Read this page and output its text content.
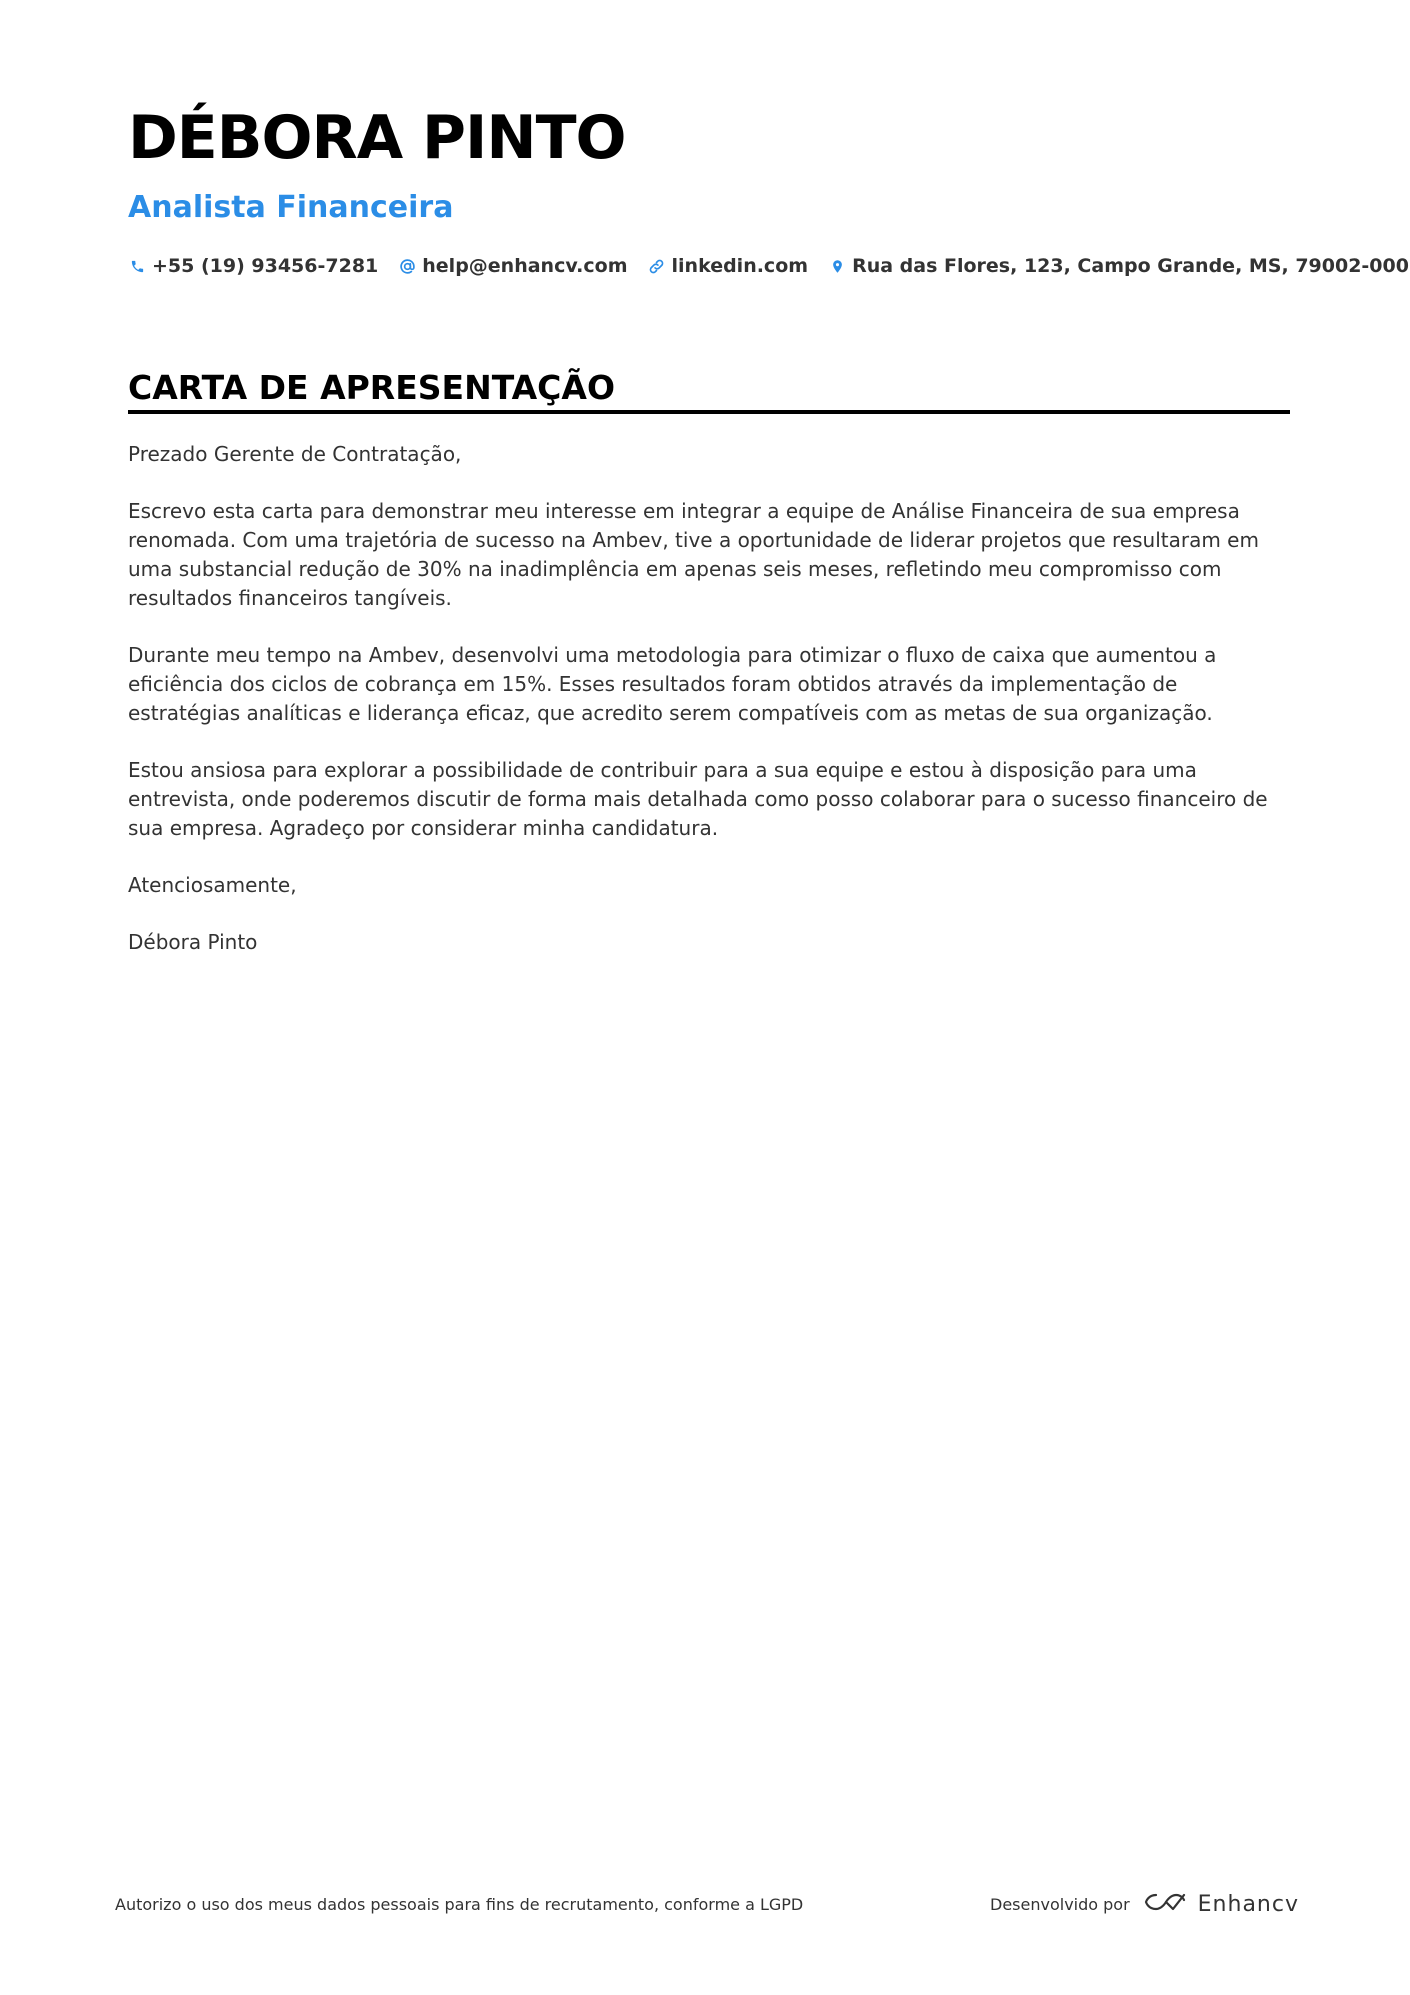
DÉBORA PINTO
Analista Financeira
+55 (19) 93456-7281 help@enhancv.com linkedin.com Rua das Flores, 123, Campo Grande, MS, 79002-000
CARTA DE APRESENTAÇÃO

Prezado Gerente de Contratação,

Escrevo esta carta para demonstrar meu interesse em integrar a equipe de Análise Financeira de sua empresa renomada. Com uma trajetória de sucesso na Ambev, tive a oportunidade de liderar projetos que resultaram em uma substancial redução de 30% na inadimplência em apenas seis meses, refletindo meu compromisso com resultados financeiros tangíveis.

Durante meu tempo na Ambev, desenvolvi uma metodologia para otimizar o fluxo de caixa que aumentou a eficiência dos ciclos de cobrança em 15%. Esses resultados foram obtidos através da implementação de estratégias analíticas e liderança eficaz, que acredito serem compatíveis com as metas de sua organização.

Estou ansiosa para explorar a possibilidade de contribuir para a sua equipe e estou à disposição para uma entrevista, onde poderemos discutir de forma mais detalhada como posso colaborar para o sucesso financeiro de sua empresa. Agradeço por considerar minha candidatura.

Atenciosamente,

Débora Pinto

Autorizo o uso dos meus dados pessoais para fins de recrutamento, conforme a LGPD	Desenvolvido por	Enhancv
